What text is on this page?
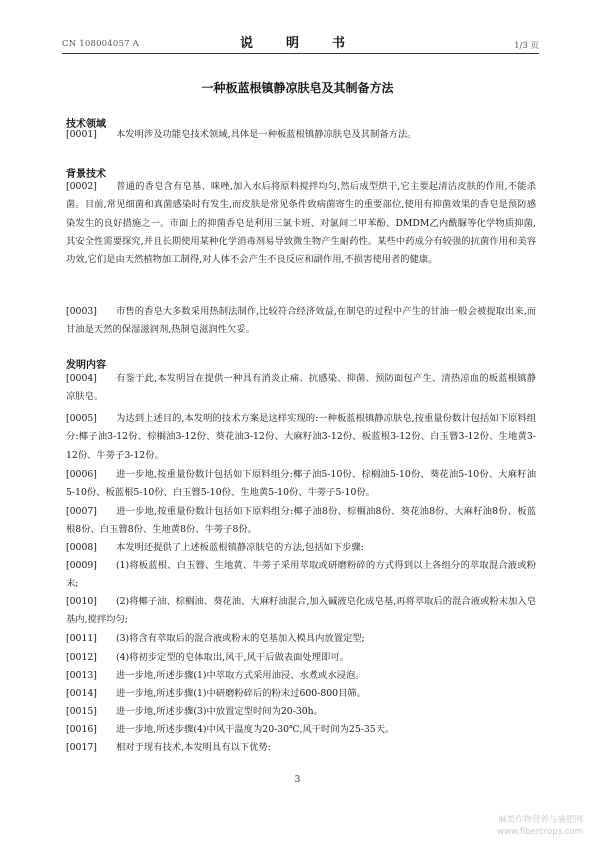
CN 108004057 A	说　明　书	1/3 页
一种板蓝根镇静凉肤皂及其制备方法
技术领域
[0001] 本发明涉及功能皂技术领域,具体是一种板蓝根镇静凉肤皂及其制备方法。
背景技术
[0002] 普通的香皂含有皂基、咪唑,加入水后将原料搅拌均匀,然后成型烘干,它主要起清洁皮肤的作用,不能杀菌。目前,常见细菌和真菌感染时有发生,而皮肤是常见条件致病菌寄生的重要部位,使用有抑菌效果的香皂是预防感染发生的良好措施之一。市面上的抑菌香皂是利用三氯卡班、对氯间二甲苯酚、DMDM乙内酰脲等化学物质抑菌,其安全性需要探究,并且长期使用某种化学消毒剂易导致微生物产生耐药性。某些中药成分有较强的抗菌作用和美容功效,它们是由天然植物加工制得,对人体不会产生不良反应和副作用,不损害使用者的健康。
[0003] 市售的香皂大多数采用热制法制作,比较符合经济效益,在制皂的过程中产生的甘油一般会被提取出来,而甘油是天然的保湿滋润剂,热制皂滋润性欠妥。
发明内容
[0004] 有鉴于此,本发明旨在提供一种具有消炎止痛、抗感染、抑菌、预防面包产生、清热凉血的板蓝根镇静凉肤皂。
[0005] 为达到上述目的,本发明的技术方案是这样实现的:一种板蓝根镇静凉肤皂,按重量份数计包括如下原料组分:椰子油3-12份、棕榈油3-12份、葵花油3-12份、大麻籽油3-12份、板蓝根3-12份、白玉簪3-12份、生地黄3-12份、牛蒡子3-12份。
[0006] 进一步地,按重量份数计包括如下原料组分:椰子油5-10份、棕榈油5-10份、葵花油5-10份、大麻籽油5-10份、板蓝根5-10份、白玉簪5-10份、生地黄5-10份、牛蒡子5-10份。
[0007] 进一步地,按重量份数计包括如下原料组分:椰子油8份、棕榈油8份、葵花油8份、大麻籽油8份、板蓝根8份、白玉簪8份、生地黄8份、牛蒡子8份。
[0008] 本发明还提供了上述板蓝根镇静凉肤皂的方法,包括如下步骤:
[0009] (1)将板蓝根、白玉簪、生地黄、牛蒡子采用萃取或研磨粉碎的方式得到以上各组分的萃取混合液或粉末;
[0010] (2)将椰子油、棕榈油、葵花油、大麻籽油混合,加入碱液皂化成皂基,再将萃取后的混合液或粉末加入皂基内,搅拌均匀;
[0011] (3)将含有萃取后的混合液或粉末的皂基加入模具内放置定型;
[0012] (4)将初步定型的皂体取出,风干,风干后做表面处理即可。
[0013] 进一步地,所述步骤(1)中萃取方式采用油浸、水煮或水浸泡。
[0014] 进一步地,所述步骤(1)中研磨粉碎后的粉末过600-800目筛。
[0015] 进一步地,所述步骤(3)中放置定型时间为20-30h。
[0016] 进一步地,所述步骤(4)中风干温度为20-30℃,风干时间为25-35天。
[0017] 相对于现有技术,本发明具有以下优势:
3
麻类作物营养与施肥网
www.fibercrops.com
